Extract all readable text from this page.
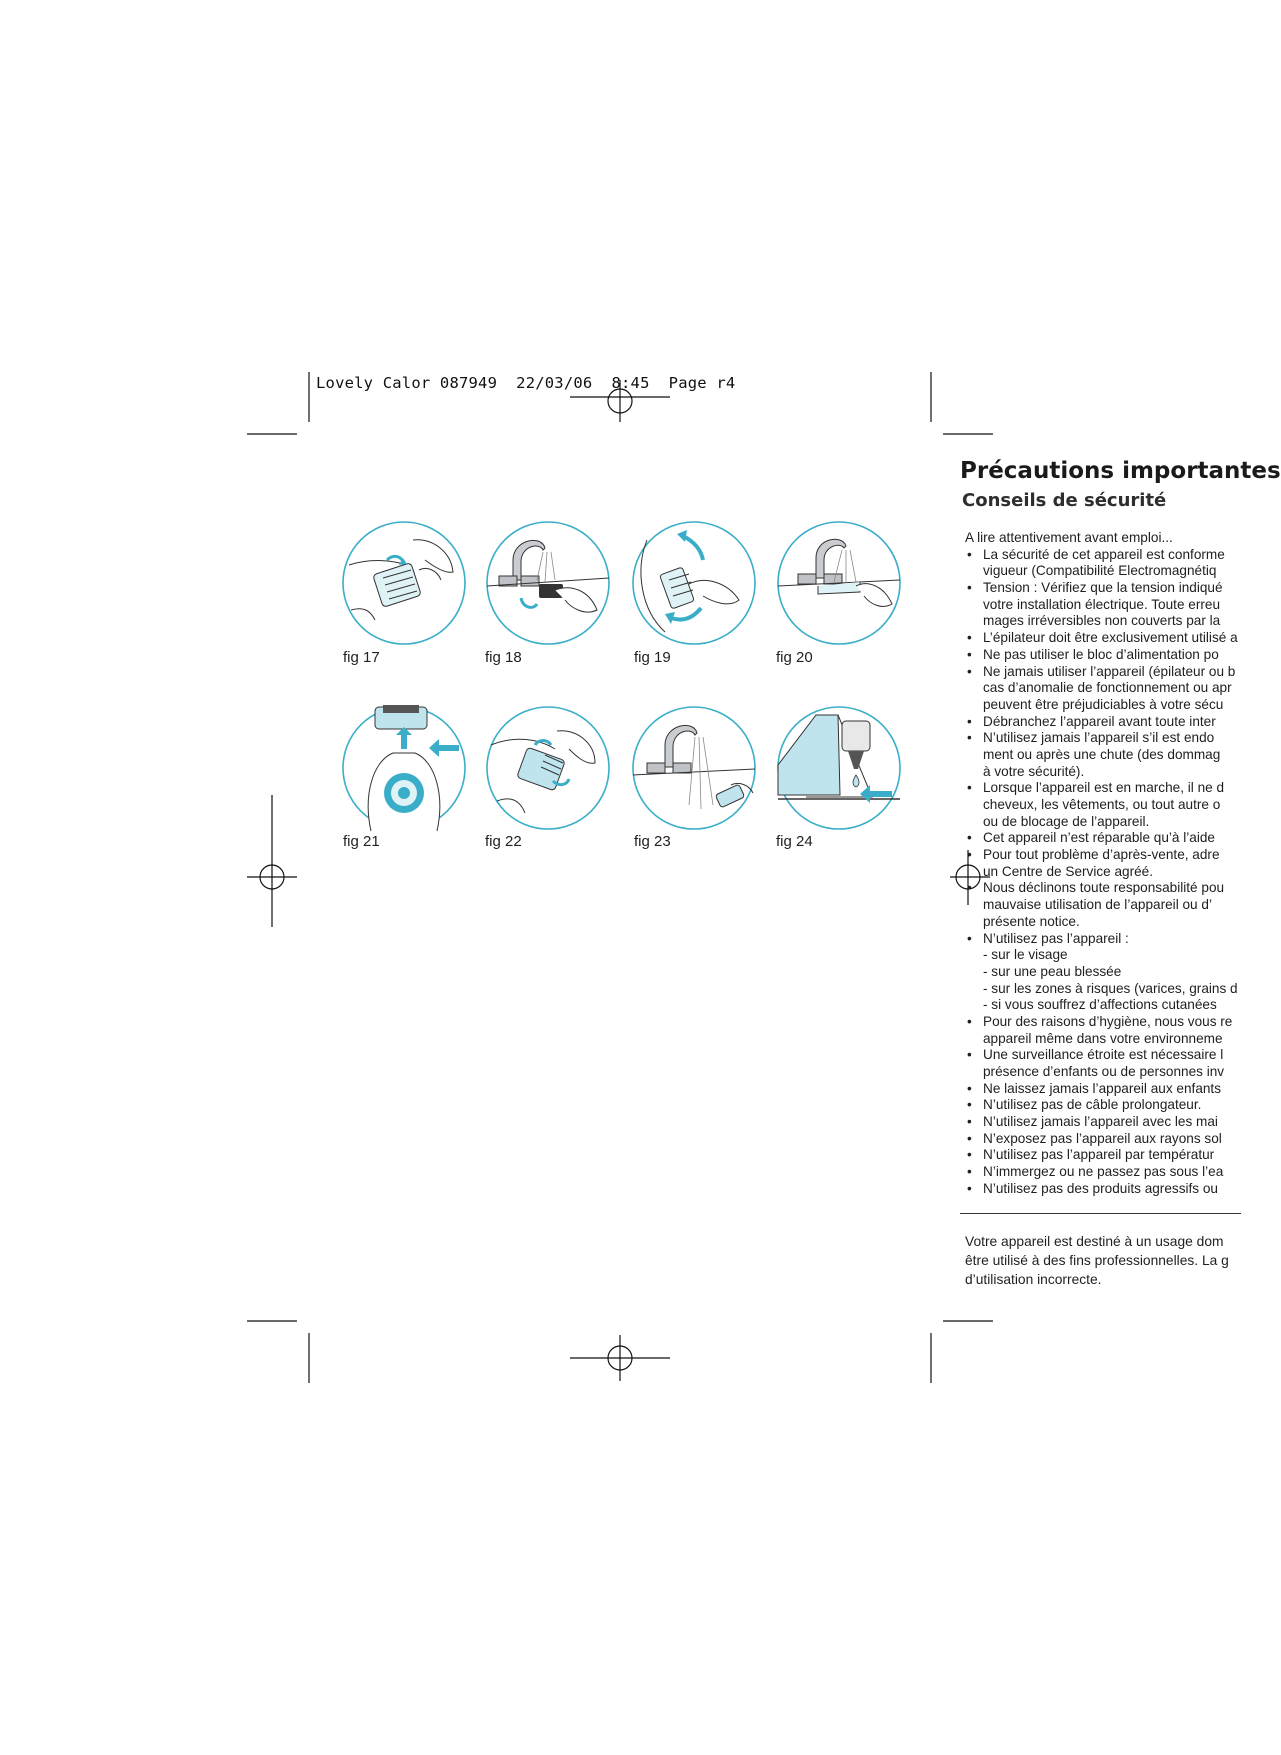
Lovely Calor 087949  22/03/06  8:45  Page r4
fig 17	fig 18	fig 19	fig 20
fig 21	fig 22	fig 23	fig 24
Précautions importantes
Conseils de sécurité
A lire attentivement avant emploi...
• La sécurité de cet appareil est conforme
vigueur (Compatibilité Electromagnétiq
• Tension : Vérifiez que la tension indiqué
votre installation électrique. Toute erreu
mages irréversibles non couverts par la
• L’épilateur doit être exclusivement utilisé a
• Ne pas utiliser le bloc d’alimentation po
• Ne jamais utiliser l’appareil (épilateur ou b
cas d’anomalie de fonctionnement ou apr
peuvent être préjudiciables à votre sécu
• Débranchez l’appareil avant toute inter
• N’utilisez jamais l’appareil s’il est endo
ment ou après une chute (des dommag
à votre sécurité).
• Lorsque l’appareil est en marche, il ne d
cheveux, les vêtements, ou tout autre o
ou de blocage de l’appareil.
• Cet appareil n’est réparable qu’à l’aide
• Pour tout problème d’après-vente, adre
un Centre de Service agréé.
• Nous déclinons toute responsabilité pou
mauvaise utilisation de l’appareil ou d’
présente notice.
• N’utilisez pas l’appareil :
- sur le visage
- sur une peau blessée
- sur les zones à risques (varices, grains d
- si vous souffrez d’affections cutanées
• Pour des raisons d’hygiène, nous vous re
appareil même dans votre environneme
• Une surveillance étroite est nécessaire l
présence d’enfants ou de personnes inv
• Ne laissez jamais l’appareil aux enfants
• N’utilisez pas de câble prolongateur.
• N’utilisez jamais l’appareil avec les mai
• N’exposez pas l’appareil aux rayons sol
• N’utilisez pas l’appareil par températur
• N’immergez ou ne passez pas sous l’ea
• N’utilisez pas des produits agressifs ou
Votre appareil est destiné à un usage dom
être utilisé à des fins professionnelles. La g
d’utilisation incorrecte.
